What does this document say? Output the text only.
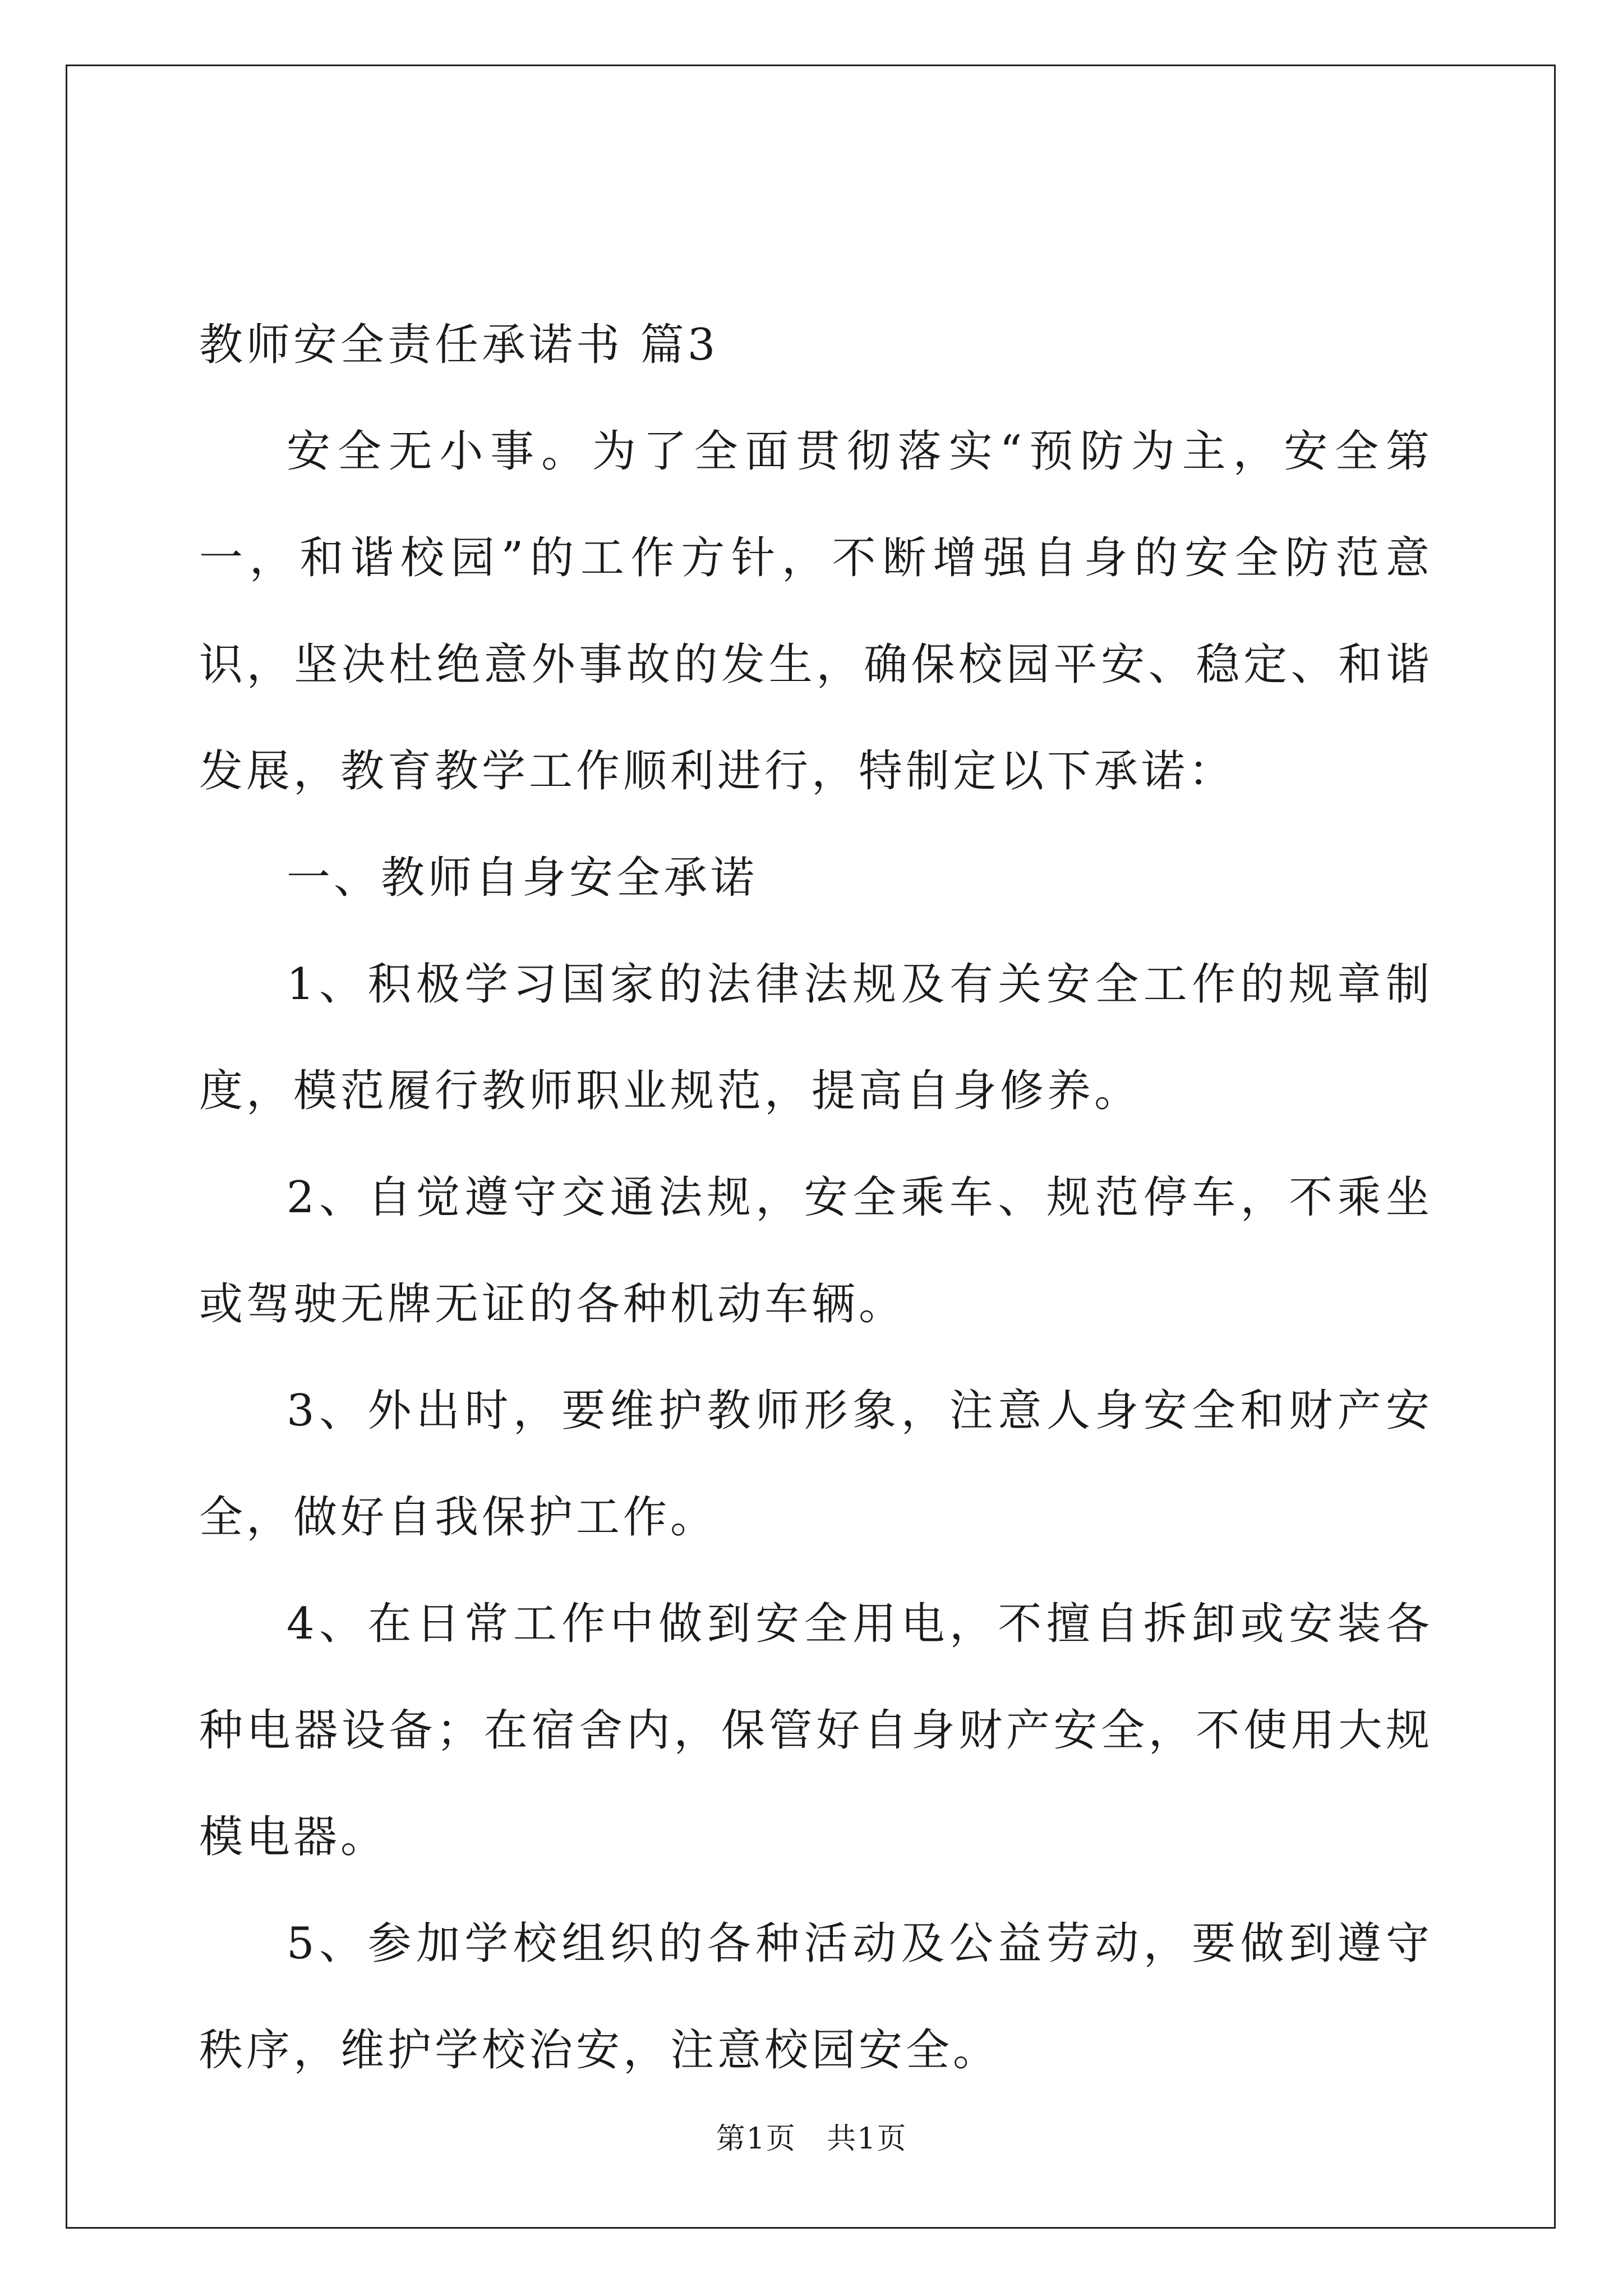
教师安全责任承诺书 篇3

安全无小事。为了全面贯彻落实“预防为主，安全第一，和谐校园”的工作方针，不断增强自身的安全防范意识，坚决杜绝意外事故的发生，确保校园平安、稳定、和谐发展，教育教学工作顺利进行，特制定以下承诺：

一、教师自身安全承诺

1、积极学习国家的法律法规及有关安全工作的规章制度，模范履行教师职业规范，提高自身修养。

2、自觉遵守交通法规，安全乘车、规范停车，不乘坐或驾驶无牌无证的各种机动车辆。

3、外出时，要维护教师形象，注意人身安全和财产安全，做好自我保护工作。

4、在日常工作中做到安全用电，不擅自拆卸或安装各种电器设备；在宿舍内，保管好自身财产安全，不使用大规模电器。

5、参加学校组织的各种活动及公益劳动，要做到遵守秩序，维护学校治安，注意校园安全。

第1页 共1页
